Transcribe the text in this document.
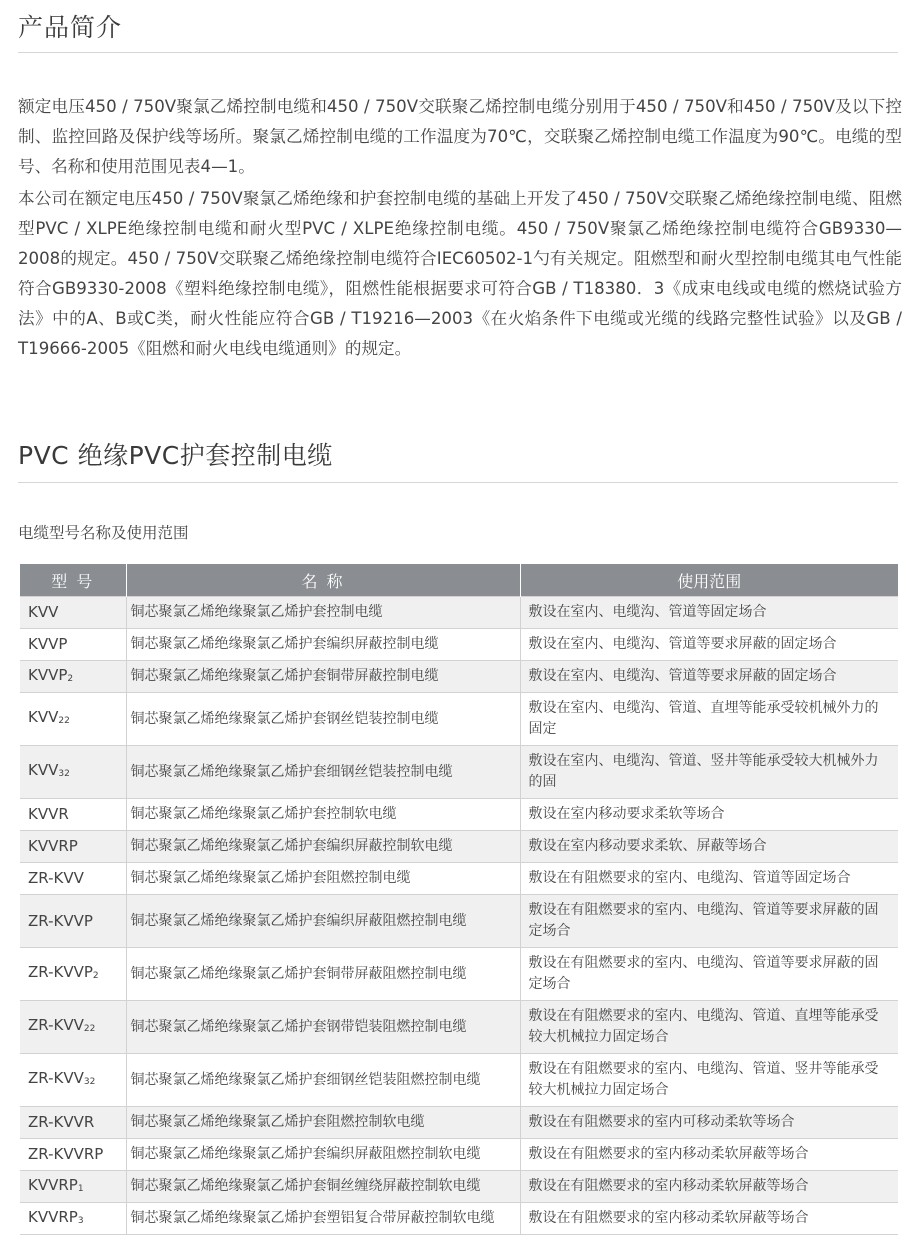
产品简介

额定电压450 / 750V聚氯乙烯控制电缆和450 / 750V交联聚乙烯控制电缆分别用于450 / 750V和450 / 750V及以下控制、监控回路及保护线等场所。聚氯乙烯控制电缆的工作温度为70℃，交联聚乙烯控制电缆工作温度为90℃。电缆的型号、名称和使用范围见表4—1。

本公司在额定电压450 / 750V聚氯乙烯绝缘和护套控制电缆的基础上开发了450 / 750V交联聚乙烯绝缘控制电缆、阻燃型PVC / XLPE绝缘控制电缆和耐火型PVC / XLPE绝缘控制电缆。450 / 750V聚氯乙烯绝缘控制电缆符合GB9330—2008的规定。450 / 750V交联聚乙烯绝缘控制电缆符合IEC60502-1勺有关规定。阻燃型和耐火型控制电缆其电气性能符合GB9330-2008《塑料绝缘控制电缆》，阻燃性能根据要求可符合GB / T18380．3《成束电线或电缆的燃烧试验方法》中的A、B或C类，耐火性能应符合GB / T19216—2003《在火焰条件下电缆或光缆的线路完整性试验》以及GB / T19666-2005《阻燃和耐火电线电缆通则》的规定。

PVC 绝缘PVC护套控制电缆
电缆型号名称及使用范围
型 号	名 称	使用范围
KVV	铜芯聚氯乙烯绝缘聚氯乙烯护套控制电缆	敷设在室内、电缆沟、管道等固定场合
KVVP	铜芯聚氯乙烯绝缘聚氯乙烯护套编织屏蔽控制电缆	敷设在室内、电缆沟、管道等要求屏蔽的固定场合
$KVVP_2$	铜芯聚氯乙烯绝缘聚氯乙烯护套铜带屏蔽控制电缆	敷设在室内、电缆沟、管道等要求屏蔽的固定场合
$KVV_{22}$	铜芯聚氯乙烯绝缘聚氯乙烯护套钢丝铠装控制电缆	敷设在室内、电缆沟、管道、直埋等能承受较机械外力的固定
$KVV_{32}$	铜芯聚氯乙烯绝缘聚氯乙烯护套细钢丝铠装控制电缆	敷设在室内、电缆沟、管道、竖井等能承受较大机械外力的固
KVVR	铜芯聚氯乙烯绝缘聚氯乙烯护套控制软电缆	敷设在室内移动要求柔软等场合
KVVRP	铜芯聚氯乙烯绝缘聚氯乙烯护套编织屏蔽控制软电缆	敷设在室内移动要求柔软、屏蔽等场合
ZR-KVV	铜芯聚氯乙烯绝缘聚氯乙烯护套阻燃控制电缆	敷设在有阻燃要求的室内、电缆沟、管道等固定场合
ZR-KVVP	铜芯聚氯乙烯绝缘聚氯乙烯护套编织屏蔽阻燃控制电缆	敷设在有阻燃要求的室内、电缆沟、管道等要求屏蔽的固定场合
$ZR-KVVP_2$	铜芯聚氯乙烯绝缘聚氯乙烯护套铜带屏蔽阻燃控制电缆	敷设在有阻燃要求的室内、电缆沟、管道等要求屏蔽的固定场合
$ZR-KVV_{22}$	铜芯聚氯乙烯绝缘聚氯乙烯护套钢带铠装阻燃控制电缆	敷设在有阻燃要求的室内、电缆沟、管道、直埋等能承受较大机械拉力固定场合
$ZR-KVV_{32}$	铜芯聚氯乙烯绝缘聚氯乙烯护套细钢丝铠装阻燃控制电缆	敷设在有阻燃要求的室内、电缆沟、管道、竖井等能承受较大机械拉力固定场合
ZR-KVVR	铜芯聚氯乙烯绝缘聚氯乙烯护套阻燃控制软电缆	敷设在有阻燃要求的室内可移动柔软等场合
ZR-KVVRP	铜芯聚氯乙烯绝缘聚氯乙烯护套编织屏蔽阻燃控制软电缆	敷设在有阻燃要求的室内移动柔软屏蔽等场合
$KVVRP_1$	铜芯聚氯乙烯绝缘聚氯乙烯护套铜丝缠绕屏蔽控制软电缆	敷设在有阻燃要求的室内移动柔软屏蔽等场合
$KVVRP_3$	铜芯聚氯乙烯绝缘聚氯乙烯护套塑铝复合带屏蔽控制软电缆	敷设在有阻燃要求的室内移动柔软屏蔽等场合
